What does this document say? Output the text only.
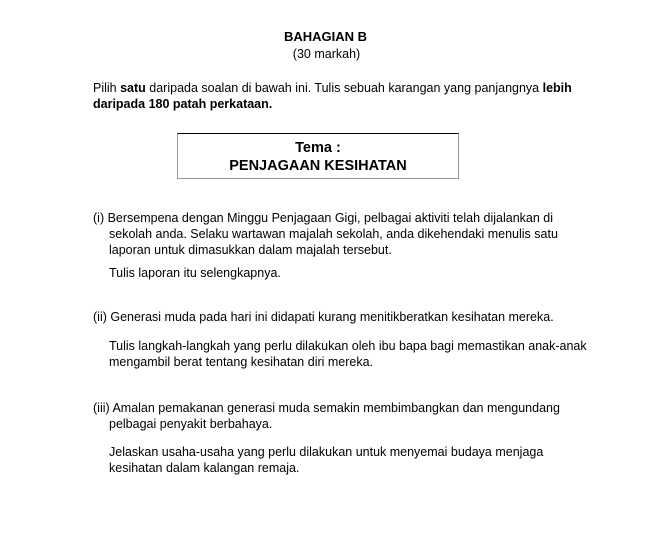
BAHAGIAN B
(30 markah)
Pilih satu daripada soalan di bawah ini. Tulis sebuah karangan yang panjangnya lebih daripada 180 patah perkataan.
Tema :
PENJAGAAN KESIHATAN
(i) Bersempena dengan Minggu Penjagaan Gigi, pelbagai aktiviti telah dijalankan di
sekolah anda. Selaku wartawan majalah sekolah, anda dikehendaki menulis satu
laporan untuk dimasukkan dalam majalah tersebut.
Tulis laporan itu selengkapnya.
(ii) Generasi muda pada hari ini didapati kurang menitikberatkan kesihatan mereka.
Tulis langkah-langkah yang perlu dilakukan oleh ibu bapa bagi memastikan anak-anak mengambil berat tentang kesihatan diri mereka.
(iii) Amalan pemakanan generasi muda semakin membimbangkan dan mengundang
pelbagai penyakit berbahaya.
Jelaskan usaha-usaha yang perlu dilakukan untuk menyemai budaya menjaga kesihatan dalam kalangan remaja.
